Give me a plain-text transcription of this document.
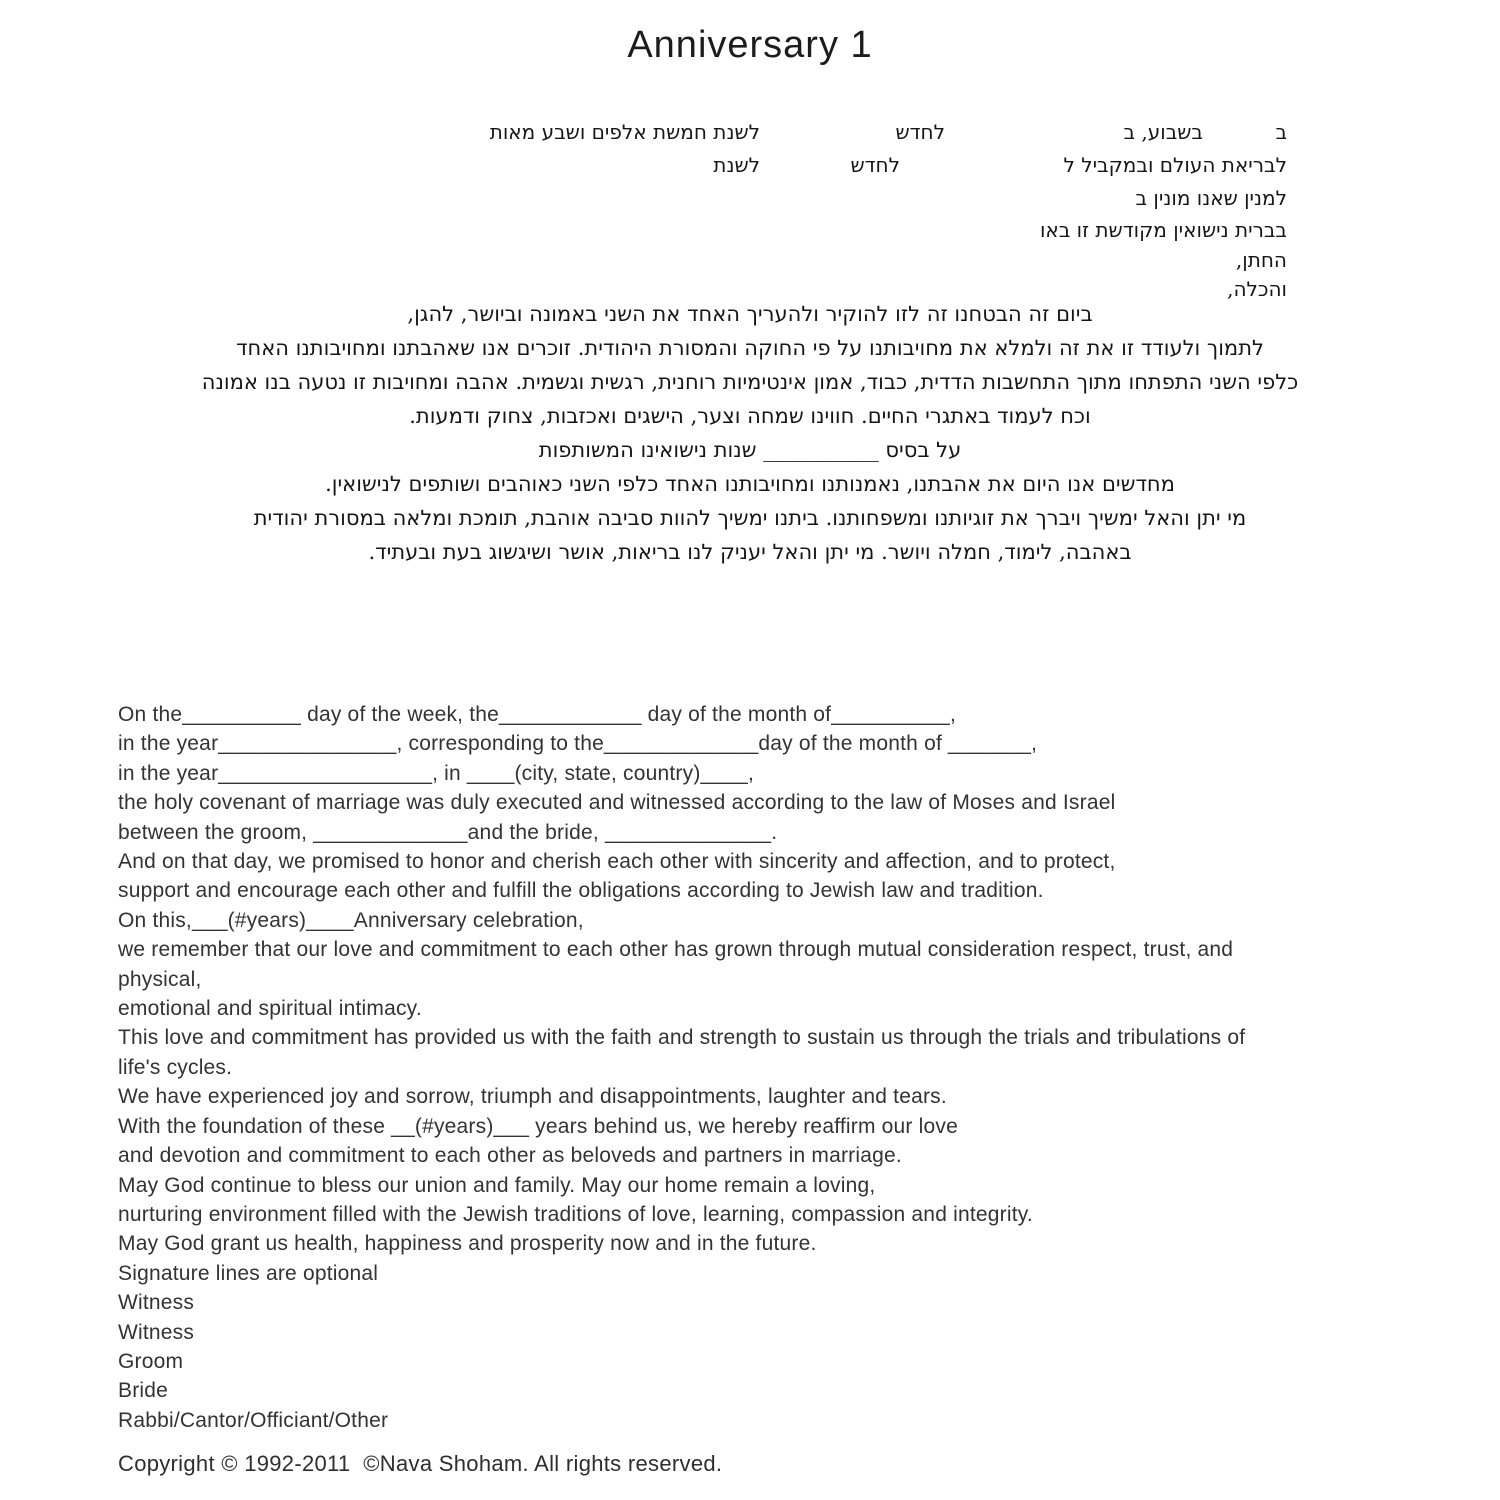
Anniversary 1
ב
בשבוע, ב
לחדש
לשנת חמשת אלפים ושבע מאות
לבריאת העולם ובמקביל ל
לחדש
לשנת
למנין שאנו מונין ב
בברית נישואין מקודשת זו באו
החתן,
והכלה,
ביום זה הבטחנו זה לזו להוקיר ולהעריך האחד את השני באמונה וביושר, להגן,
לתמוך ולעודד זו את זה ולמלא את מחויבותנו על פי החוקה והמסורת היהודית. זוכרים אנו שאהבתנו ומחויבותנו האחד
כלפי השני התפתחו מתוך התחשבות הדדית, כבוד, אמון אינטימיות רוחנית, רגשית וגשמית. אהבה ומחויבות זו נטעה בנו אמונה
וכח לעמוד באתגרי החיים. חווינו שמחה וצער, הישגים ואכזבות, צחוק ודמעות.
על בסיס ___________ שנות נישואינו המשותפות
מחדשים אנו היום את אהבתנו, נאמנותנו ומחויבותנו האחד כלפי השני כאוהבים ושותפים לנישואין.
מי יתן והאל ימשיך ויברך את זוגיותנו ומשפחותנו. ביתנו ימשיך להוות סביבה אוהבת, תומכת ומלאה במסורת יהודית
באהבה, לימוד, חמלה ויושר. מי יתן והאל יעניק לנו בריאות, אושר ושיגשוג בעת ובעתיד.
On the__________ day of the week, the____________ day of the month of__________,
in the year_______________, corresponding to the_____________day of the month of _______,
in the year__________________, in ____(city, state, country)____,
the holy covenant of marriage was duly executed and witnessed according to the law of Moses and Israel
between the groom, _____________and the bride, ______________.
And on that day, we promised to honor and cherish each other with sincerity and affection, and to protect,
support and encourage each other and fulfill the obligations according to Jewish law and tradition.
On this,___(#years)____Anniversary celebration,
we remember that our love and commitment to each other has grown through mutual consideration respect, trust, and
physical,
emotional and spiritual intimacy.
This love and commitment has provided us with the faith and strength to sustain us through the trials and tribulations of
life's cycles.
We have experienced joy and sorrow, triumph and disappointments, laughter and tears.
With the foundation of these __(#years)___ years behind us, we hereby reaffirm our love
and devotion and commitment to each other as beloveds and partners in marriage.
May God continue to bless our union and family. May our home remain a loving,
nurturing environment filled with the Jewish traditions of love, learning, compassion and integrity.
May God grant us health, happiness and prosperity now and in the future.
Signature lines are optional
Witness
Witness
Groom
Bride
Rabbi/Cantor/Officiant/Other
Copyright © 1992-2011  ©Nava Shoham. All rights reserved.
